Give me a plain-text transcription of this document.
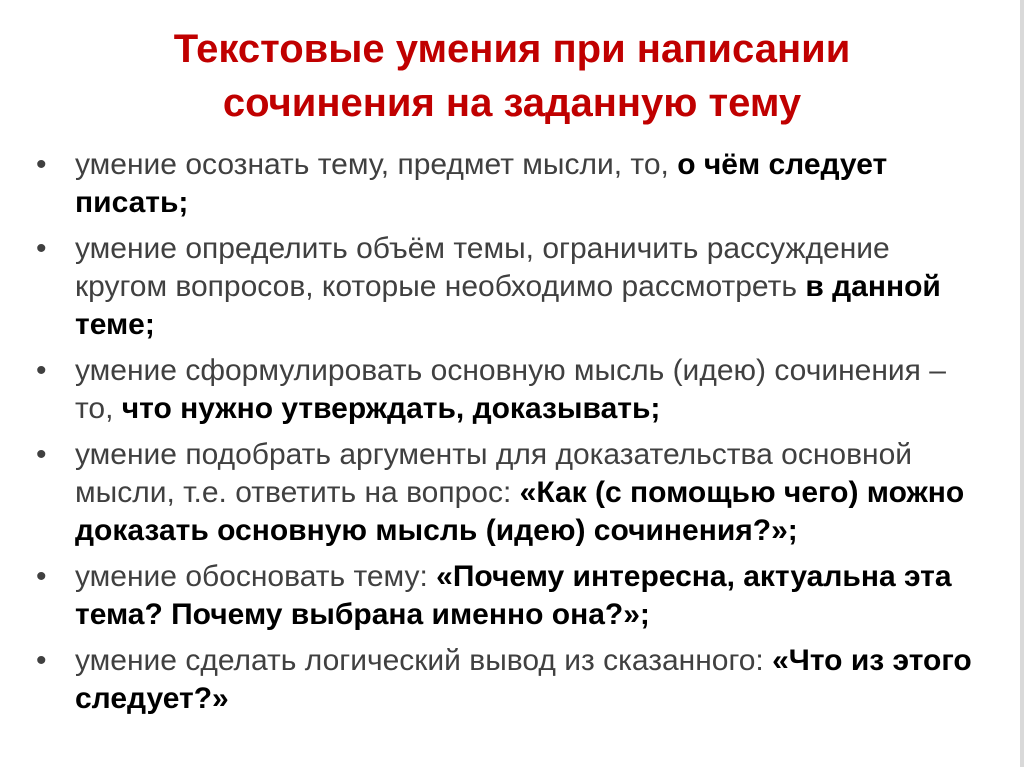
Текстовые умения при написании
сочинения на заданную тему
• умение осознать тему, предмет мысли, то, о чём следует писать;
• умение определить объём темы, ограничить рассуждение кругом вопросов, которые необходимо рассмотреть в данной теме;
• умение сформулировать основную мысль (идею) сочинения – то, что нужно утверждать, доказывать;
• умение подобрать аргументы для доказательства основной мысли, т.е. ответить на вопрос: «Как (с помощью чего) можно доказать основную мысль (идею) сочинения?»;
• умение обосновать тему: «Почему интересна, актуальна эта тема? Почему выбрана именно она?»;
• умение сделать логический вывод из сказанного: «Что из этого следует?»
